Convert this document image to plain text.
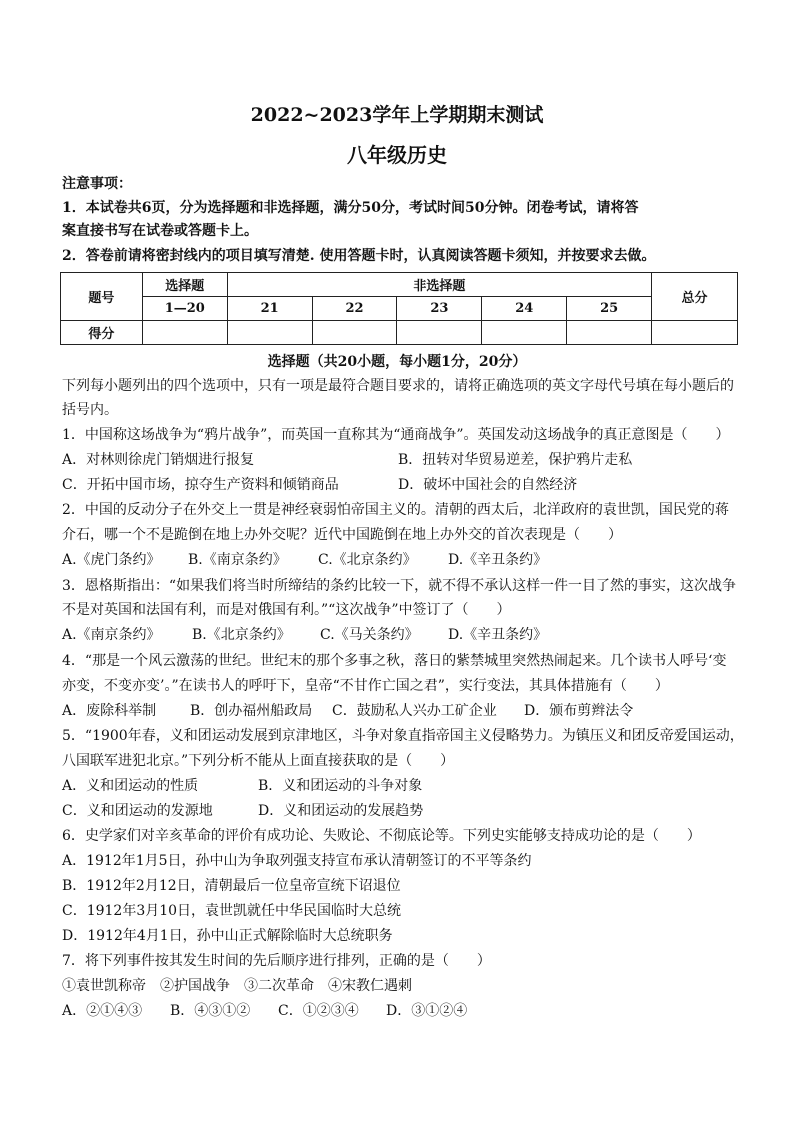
2022~2023学年上学期期末测试
八年级历史
注意事项：
1．本试卷共6页，分为选择题和非选择题，满分50分，考试时间50分钟。闭卷考试，请将答
案直接书写在试卷或答题卡上。
2．答卷前请将密封线内的项目填写清楚. 使用答题卡时，认真阅读答题卡须知，并按要求去做。
题号	选择题	非选择题					总分
	1—20	21	22	23	24	25	
得分							
选择题（共20小题，每小题1分，20分）
下列每小题列出的四个选项中，只有一项是最符合题目要求的，请将正确选项的英文字母代号填在每小题后的
括号内。
1．中国称这场战争为“鸦片战争”，而英国一直称其为“通商战争”。英国发动这场战争的真正意图是（　　）
A．对林则徐虎门销烟进行报复	B．扭转对华贸易逆差，保护鸦片走私
C．开拓中国市场，掠夺生产资料和倾销商品	D．破坏中国社会的自然经济
2．中国的反动分子在外交上一贯是神经衰弱怕帝国主义的。清朝的西太后，北洋政府的袁世凯，国民党的蒋
介石，哪一个不是跪倒在地上办外交呢？近代中国跪倒在地上办外交的首次表现是（　　）
A.《虎门条约》 B.《南京条约》 C.《北京条约》 D.《辛丑条约》
3．恩格斯指出：“如果我们将当时所缔结的条约比较一下，就不得不承认这样一件一目了然的事实，这次战争
不是对英国和法国有利，而是对俄国有利。”“这次战争”中签订了（　　）
A.《南京条约》 B.《北京条约》 C.《马关条约》 D.《辛丑条约》
4．“那是一个风云激荡的世纪。世纪末的那个多事之秋，落日的紫禁城里突然热闹起来。几个读书人呼号‘变
亦变，不变亦变’。”在读书人的呼吁下，皇帝“不甘作亡国之君”，实行变法，其具体措施有（　　）
A．废除科举制 B．创办福州船政局 C．鼓励私人兴办工矿企业 D．颁布剪辫法令
5．“1900年春，义和团运动发展到京津地区，斗争对象直指帝国主义侵略势力。为镇压义和团反帝爱国运动，
八国联军进犯北京。”下列分析不能从上面直接获取的是（　　）
A．义和团运动的性质	B．义和团运动的斗争对象
C．义和团运动的发源地	D．义和团运动的发展趋势
6．史学家们对辛亥革命的评价有成功论、失败论、不彻底论等。下列史实能够支持成功论的是（　　）
A．1912年1月5日，孙中山为争取列强支持宣布承认清朝签订的不平等条约
B．1912年2月12日，清朝最后一位皇帝宣统下诏退位
C．1912年3月10日，袁世凯就任中华民国临时大总统
D．1912年4月1日，孙中山正式解除临时大总统职务
7．将下列事件按其发生时间的先后顺序进行排列，正确的是（　　）
①袁世凯称帝　②护国战争　③二次革命　④宋教仁遇刺
A．②①④③ B．④③①② C．①②③④ D．③①②④
